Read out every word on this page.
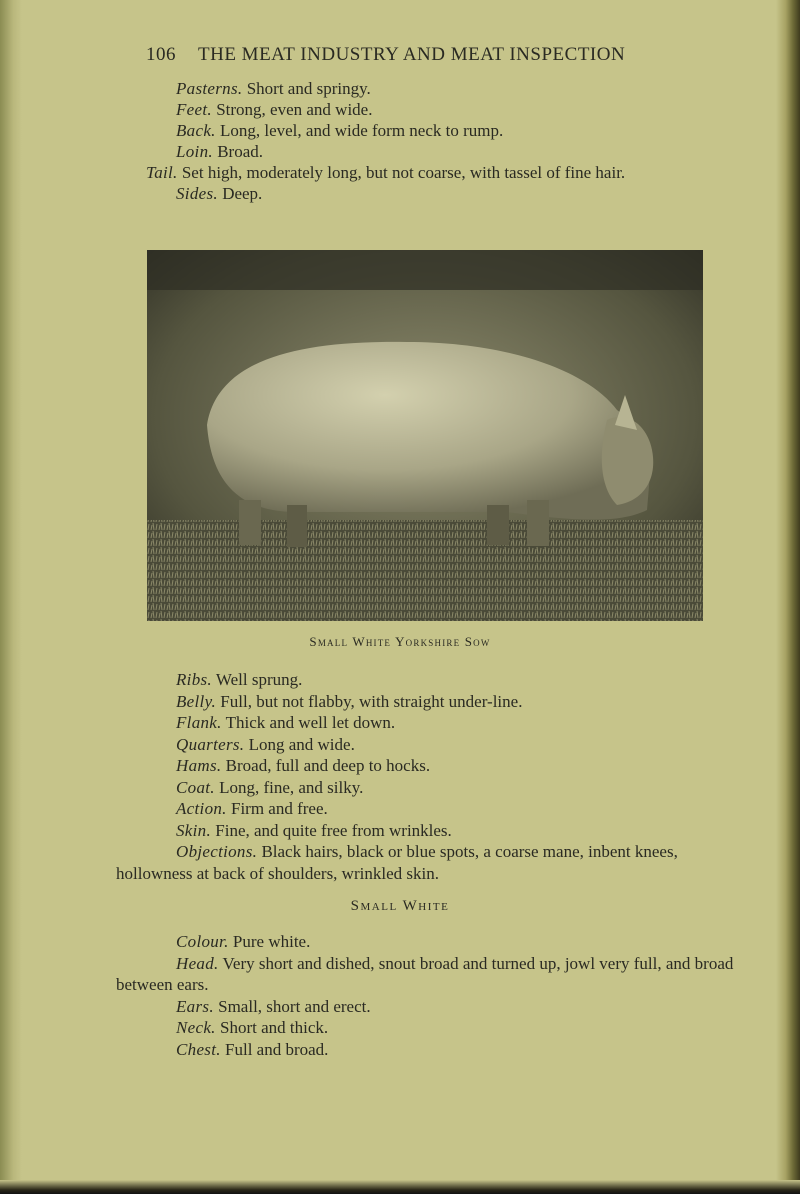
106 THE MEAT INDUSTRY AND MEAT INSPECTION

Pasterns. Short and springy.

Feet. Strong, even and wide.

Back. Long, level, and wide form neck to rump.

Loin. Broad.

Tail. Set high, moderately long, but not coarse, with tassel of fine hair.

Sides. Deep.

Small White Yorkshire Sow

Ribs. Well sprung.

Belly. Full, but not flabby, with straight under-line.

Flank. Thick and well let down.

Quarters. Long and wide.

Hams. Broad, full and deep to hocks.

Coat. Long, fine, and silky.

Action. Firm and free.

Skin. Fine, and quite free from wrinkles.

Objections. Black hairs, black or blue spots, a coarse mane, inbent knees, hollowness at back of shoulders, wrinkled skin.

Small White

Colour. Pure white.

Head. Very short and dished, snout broad and turned up, jowl very full, and broad between ears.

Ears. Small, short and erect.

Neck. Short and thick.

Chest. Full and broad.
